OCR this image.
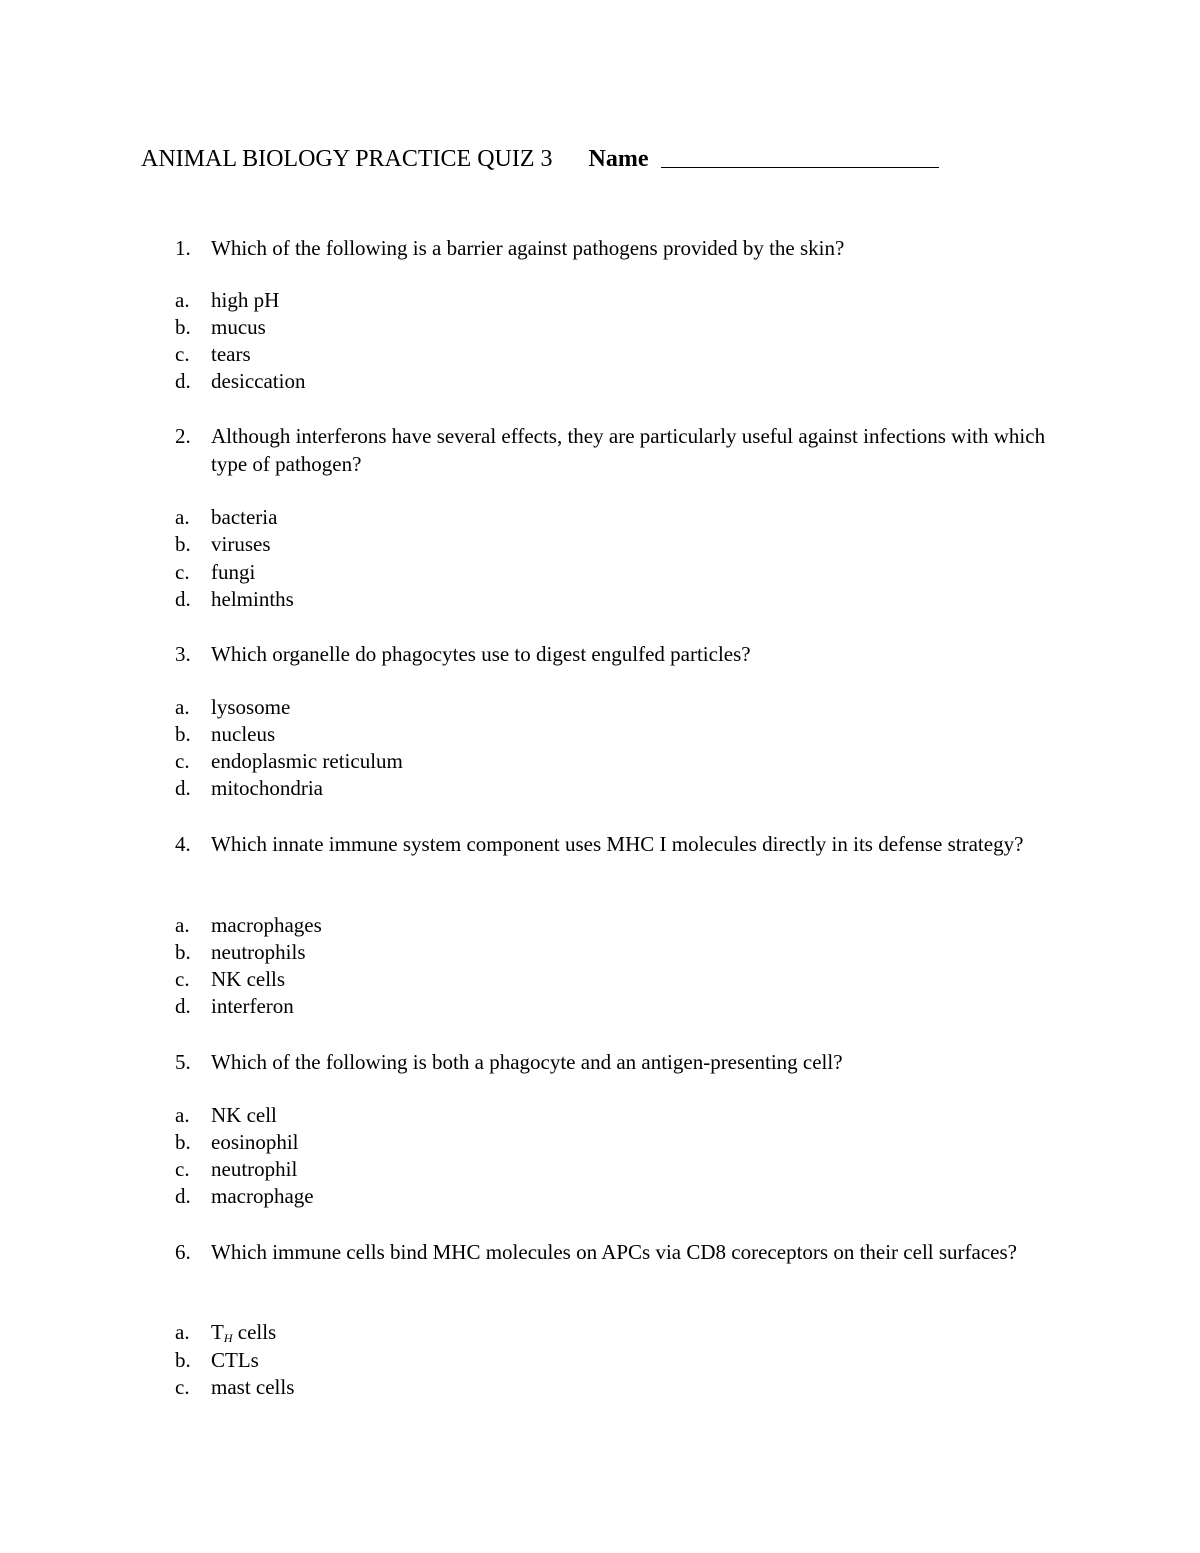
ANIMAL BIOLOGY PRACTICE QUIZ 3 Name
1. Which of the following is a barrier against pathogens provided by the skin?
a.	high pH
b. mucus
c.	tears
d. desiccation
2. Although interferons have several effects, they are particularly useful against infections with which type of pathogen?
a.	bacteria
b. viruses
c.	fungi
d. helminths
3. Which organelle do phagocytes use to digest engulfed particles?
a.	lysosome
b. nucleus
c.	endoplasmic reticulum
d. mitochondria
4. Which innate immune system component uses MHC I molecules directly in its defense strategy?
a.	macrophages
b. neutrophils
c.	NK cells
d. interferon
5. Which of the following is both a phagocyte and an antigen-presenting cell?
a.	NK cell
b. eosinophil
c.	neutrophil
d. macrophage
6. Which immune cells bind MHC molecules on APCs via CD8 coreceptors on their cell surfaces?
a.	$T_H$ cells
b. CTLs
c.	mast cells
